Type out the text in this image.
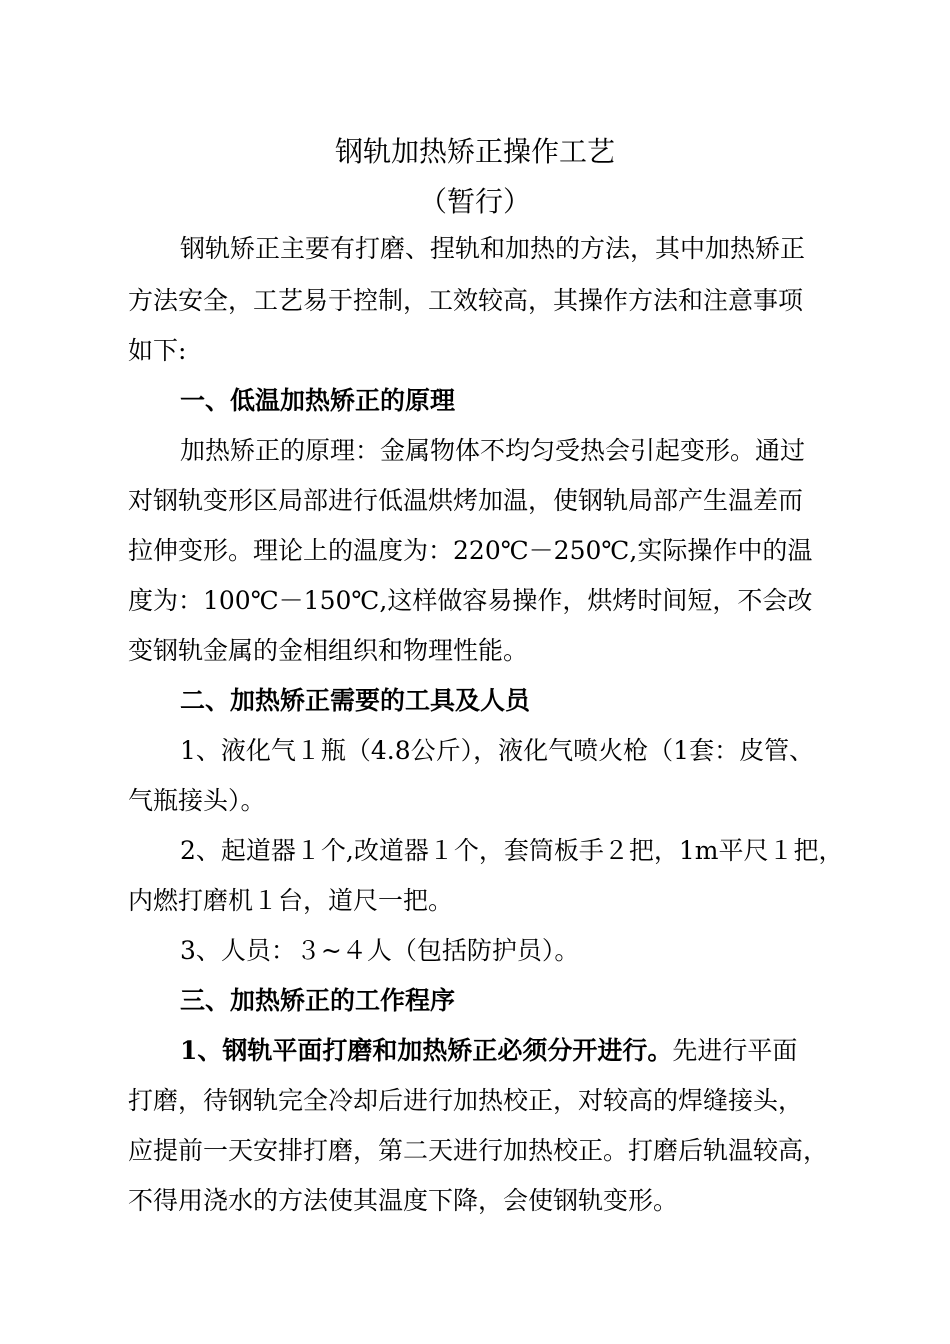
钢轨加热矫正操作工艺
（暂行）
钢轨矫正主要有打磨、捏轨和加热的方法，其中加热矫正
方法安全，工艺易于控制，工效较高，其操作方法和注意事项
如下:
一、低温加热矫正的原理
加热矫正的原理：金属物体不均匀受热会引起变形。通过
对钢轨变形区局部进行低温烘烤加温，使钢轨局部产生温差而
拉伸变形。理论上的温度为：220℃－250℃,实际操作中的温
度为：100℃－150℃,这样做容易操作，烘烤时间短，不会改
变钢轨金属的金相组织和物理性能。
二、加热矫正需要的工具及人员
1、液化气１瓶（4.8公斤），液化气喷火枪（1套：皮管、
气瓶接头）。
2、起道器１个,改道器１个，套筒板手２把，1m平尺１把，
内燃打磨机１台，道尺一把。
3、人员：３~４人（包括防护员）。
三、加热矫正的工作程序
1、钢轨平面打磨和加热矫正必须分开进行。先进行平面
打磨，待钢轨完全冷却后进行加热校正，对较高的焊缝接头，
应提前一天安排打磨，第二天进行加热校正。打磨后轨温较高，
不得用浇水的方法使其温度下降，会使钢轨变形。
